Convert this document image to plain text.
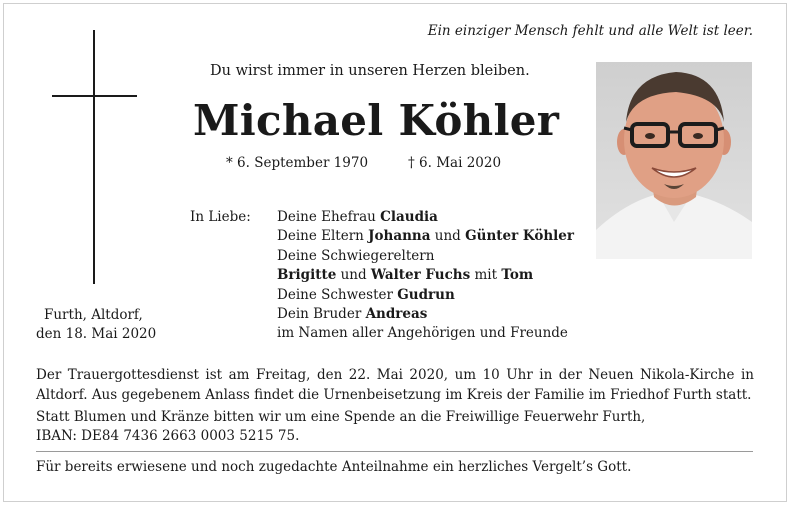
Ein einziger Mensch fehlt und alle Welt ist leer.
Du wirst immer in unseren Herzen bleiben.
Michael Köhler
* 6. September 1970	† 6. Mai 2020
In Liebe: Deine Ehefrau Claudia
Deine Eltern Johanna und Günter Köhler
Deine Schwiegereltern
Brigitte und Walter Fuchs mit Tom
Deine Schwester Gudrun
Dein Bruder Andreas
im Namen aller Angehörigen und Freunde
Furth, Altdorf,
den 18. Mai 2020
Der Trauergottesdienst ist am Freitag, den 22. Mai 2020, um 10 Uhr in der Neuen Nikola-Kirche in Altdorf. Aus gegebenem Anlass findet die Urnenbeisetzung im Kreis der Familie im Friedhof Furth statt.
Statt Blumen und Kränze bitten wir um eine Spende an die Freiwillige Feuerwehr Furth,
IBAN: DE84 7436 2663 0003 5215 75.
Für bereits erwiesene und noch zugedachte Anteilnahme ein herzliches Vergelt’s Gott.
